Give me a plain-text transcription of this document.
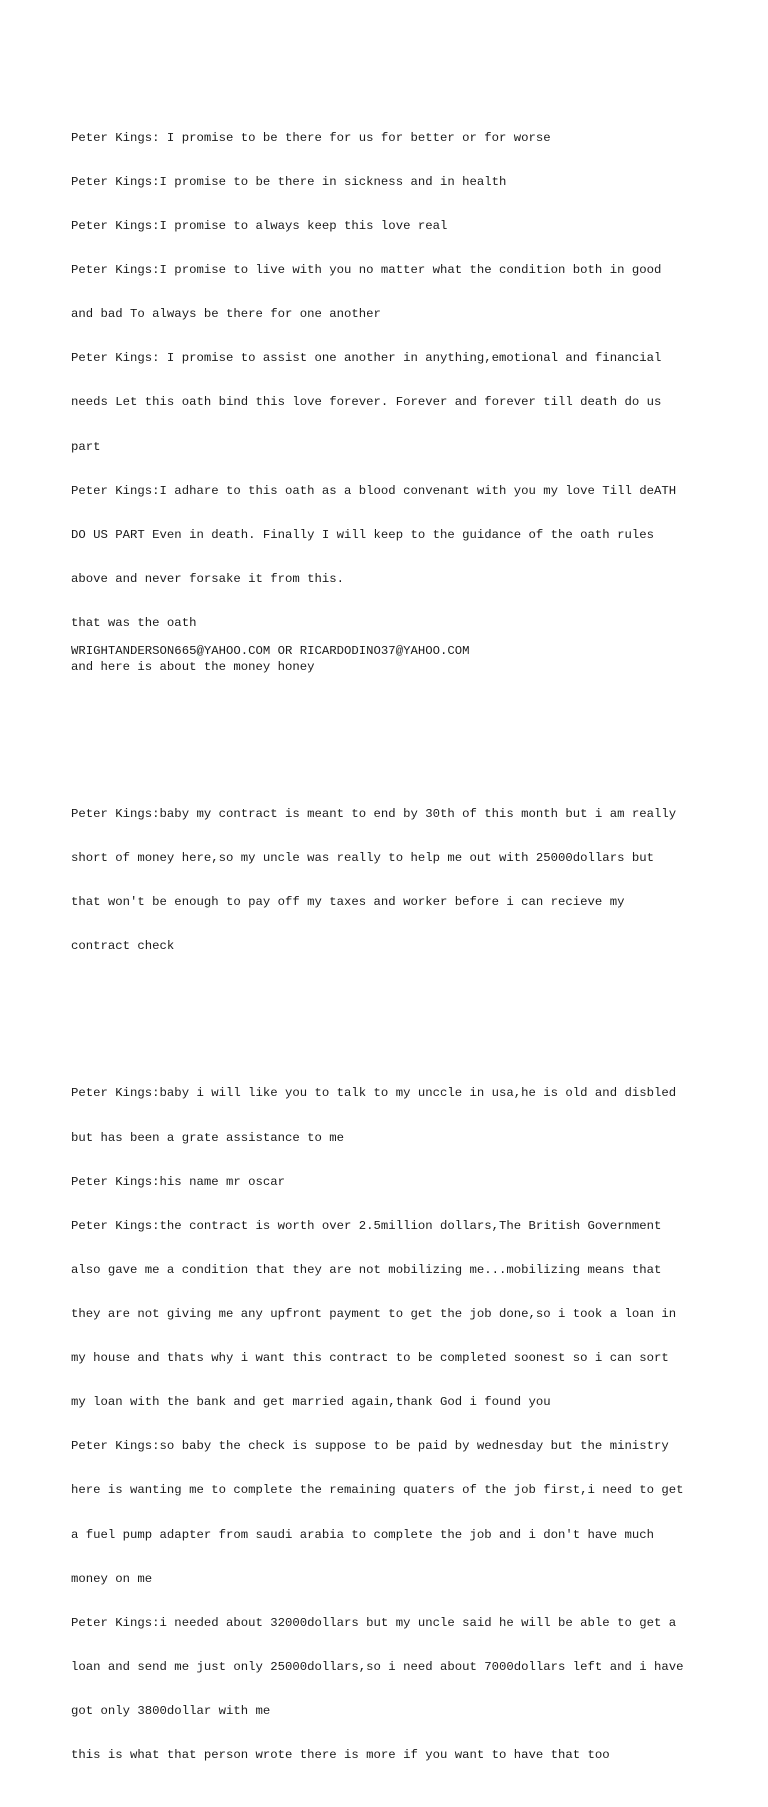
Peter Kings: I promise to be there for us for better or for worse

Peter Kings:I promise to be there in sickness and in health

Peter Kings:I promise to always keep this love real

Peter Kings:I promise to live with you no matter what the condition both in good

and bad To always be there for one another

Peter Kings: I promise to assist one another in anything,emotional and financial

needs Let this oath bind this love forever. Forever and forever till death do us

part

Peter Kings:I adhare to this oath as a blood convenant with you my love Till deATH

DO US PART Even in death. Finally I will keep to the guidance of the oath rules

above and never forsake it from this.

that was the oath

and here is about the money honey

Peter Kings:baby my contract is meant to end by 30th of this month but i am really

short of money here,so my uncle was really to help me out with 25000dollars but

that won't be enough to pay off my taxes and worker before i can recieve my

contract check

Peter Kings:baby i will like you to talk to my unccle in usa,he is old and disbled

but has been a grate assistance to me

Peter Kings:his name mr oscar

Peter Kings:the contract is worth over 2.5million dollars,The British Government

also gave me a condition that they are not mobilizing me...mobilizing means that

they are not giving me any upfront payment to get the job done,so i took a loan in

my house and thats why i want this contract to be completed soonest so i can sort

my loan with the bank and get married again,thank God i found you

Peter Kings:so baby the check is suppose to be paid by wednesday but the ministry

here is wanting me to complete the remaining quaters of the job first,i need to get

a fuel pump adapter from saudi arabia to complete the job and i don't have much

money on me

Peter Kings:i needed about 32000dollars but my uncle said he will be able to get a

loan and send me just only 25000dollars,so i need about 7000dollars left and i have

got only 3800dollar with me

this is what that person wrote there is more if you want to have that too

WRIGHTANDERSON665@YAHOO.COM OR RICARDODINO37@YAHOO.COM
